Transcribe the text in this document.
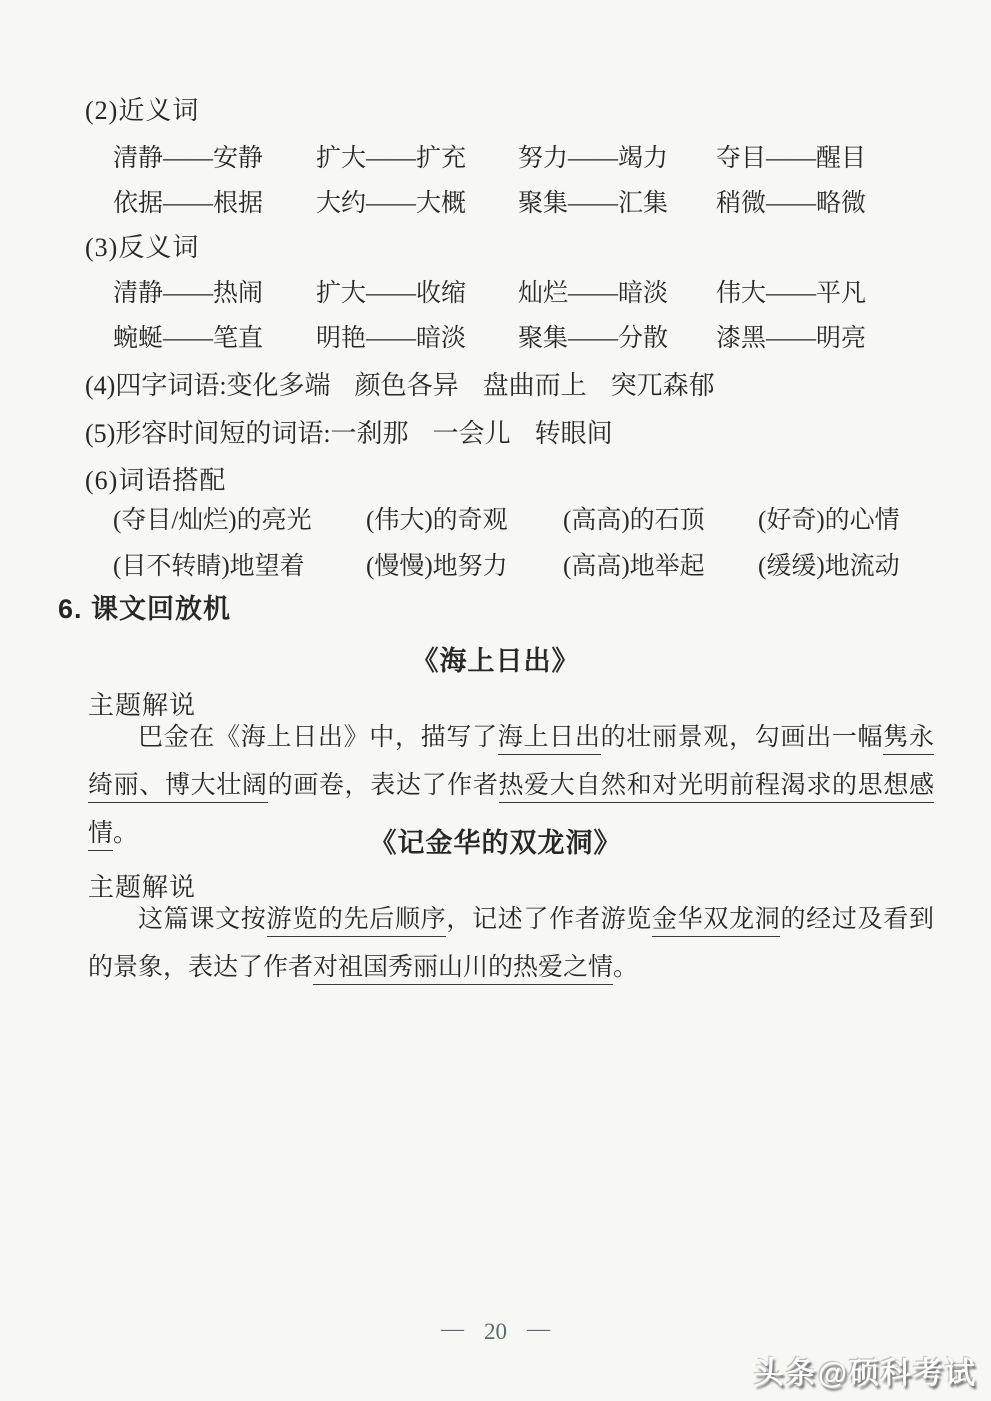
(2)近义词
清静——安静	扩大——扩充	努力——竭力	夺目——醒目
依据——根据	大约——大概	聚集——汇集	稍微——略微
(3)反义词
清静——热闹	扩大——收缩	灿烂——暗淡	伟大——平凡
蜿蜒——笔直	明艳——暗淡	聚集——分散	漆黑——明亮
(4)四字词语:变化多端 颜色各异 盘曲而上 突兀森郁
(5)形容时间短的词语:一刹那 一会儿 转眼间
(6)词语搭配
(夺目/灿烂)的亮光	(伟大)的奇观	(高高)的石顶	(好奇)的心情
(目不转睛)地望着	(慢慢)地努力	(高高)地举起	(缓缓)地流动
6. 课文回放机
《海上日出》
主题解说

巴金在《海上日出》中，描写了海上日出的壮丽景观，勾画出一幅隽永绮丽、博大壮阔的画卷，表达了作者热爱大自然和对光明前程渴求的思想感情。	《记金华的双龙洞》
主题解说

这篇课文按游览的先后顺序，记述了作者游览金华双龙洞的经过及看到的景象，表达了作者对祖国秀丽山川的热爱之情。

— 20 —
头条@硕科考试
